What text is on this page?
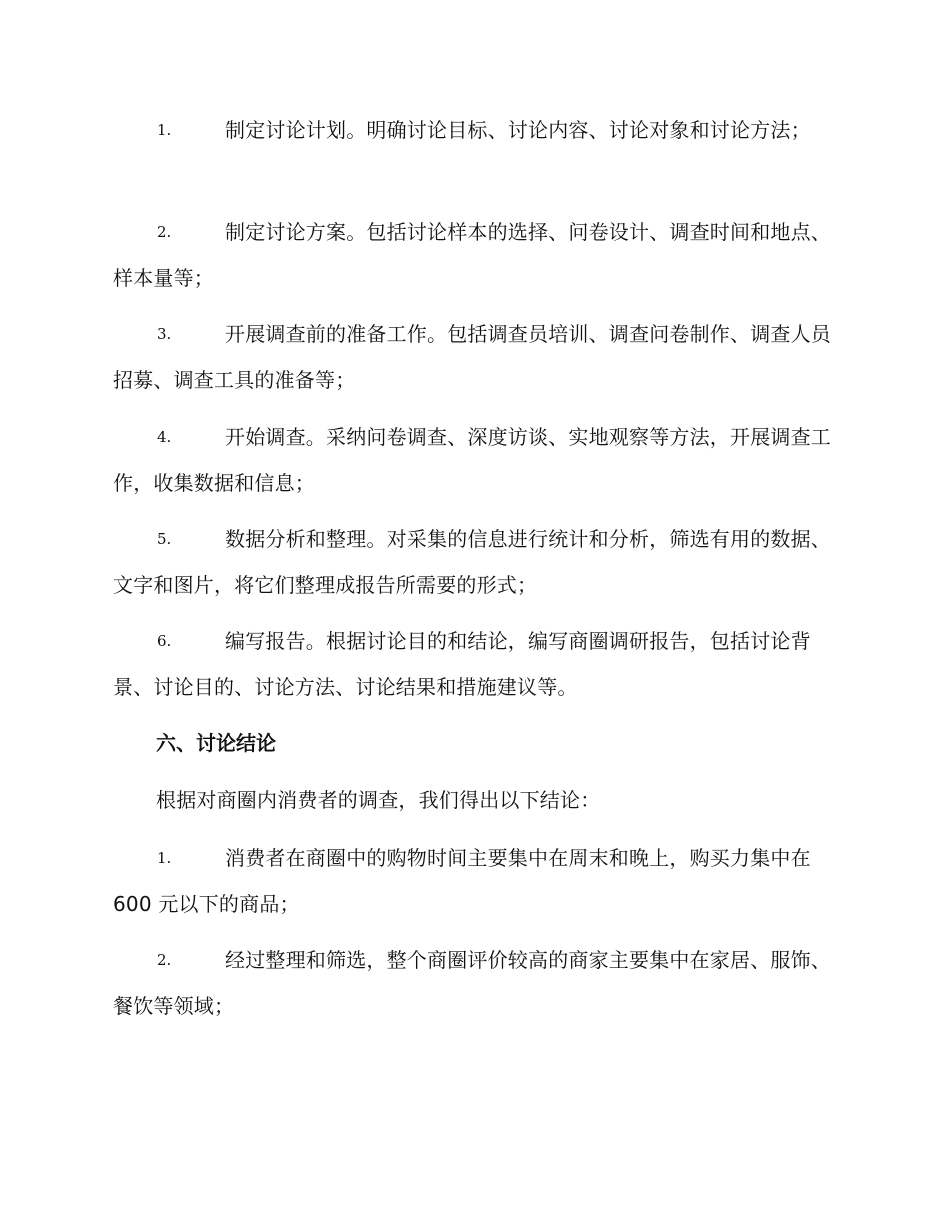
1.	制定讨论计划。明确讨论目标、讨论内容、讨论对象和讨论方法；
2.	制定讨论方案。包括讨论样本的选择、问卷设计、调查时间和地点、样本量等；
3.	开展调查前的准备工作。包括调查员培训、调查问卷制作、调查人员招募、调查工具的准备等；
4.	开始调查。采纳问卷调查、深度访谈、实地观察等方法，开展调查工作，收集数据和信息；
5.	数据分析和整理。对采集的信息进行统计和分析，筛选有用的数据、文字和图片，将它们整理成报告所需要的形式；
6.	编写报告。根据讨论目的和结论，编写商圈调研报告，包括讨论背景、讨论目的、讨论方法、讨论结果和措施建议等。
六、讨论结论
根据对商圈内消费者的调查，我们得出以下结论：
1.	消费者在商圈中的购物时间主要集中在周末和晚上，购买力集中在 600 元以下的商品；
2.	经过整理和筛选，整个商圈评价较高的商家主要集中在家居、服饰、餐饮等领域；
